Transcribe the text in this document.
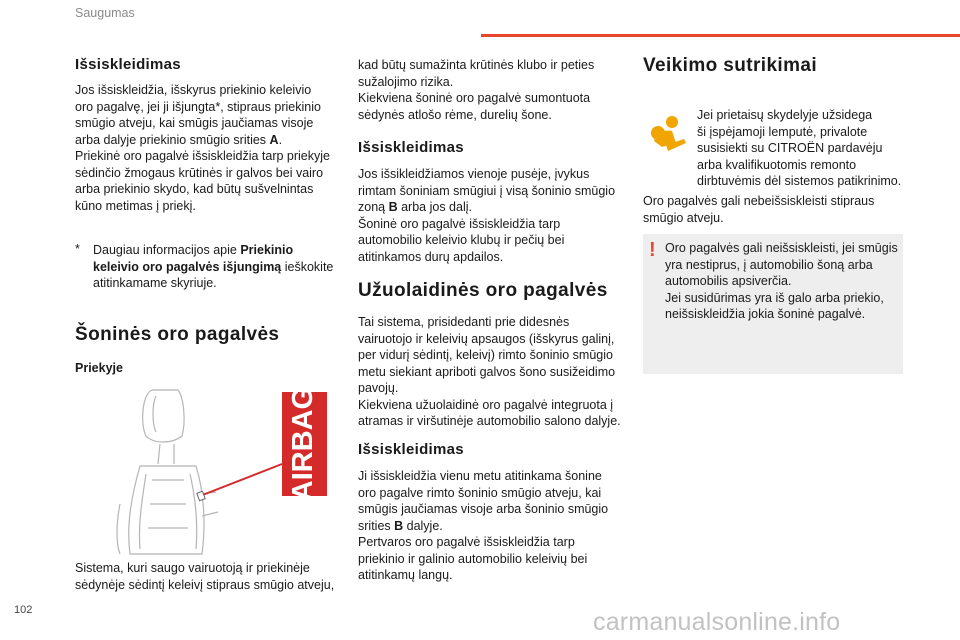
Saugumas
Išsiskleidimas

Jos išsiskleidžia, išskyrus priekinio keleivio
oro pagalvę, jei ji išjungta*, stipraus priekinio
smūgio atveju, kai smūgis jaučiamas visoje
arba dalyje priekinio smūgio srities A.
Priekinė oro pagalvė išsiskleidžia tarp priekyje
sėdinčio žmogaus krūtinės ir galvos bei vairo
arba priekinio skydo, kad būtų sušvelnintas
kūno metimas į priekį.

* Daugiau informacijos apie Priekinio keleivio oro pagalvės išjungimą ieškokite atitinkamame skyriuje.
Šoninės oro pagalvės
Priekyje
AIRBAG

Sistema, kuri saugo vairuotoją ir priekinėje
sėdynėje sėdintį keleivį stipraus smūgio atveju,

kad būtų sumažinta krūtinės klubo ir peties
sužalojimo rizika.
Kiekviena šoninė oro pagalvė sumontuota
sėdynės atlošo rėme, durelių šone.

Išsiskleidimas

Jos išsikleidžiamos vienoje pusėje, įvykus
rimtam šoniniam smūgiui į visą šoninio smūgio
zoną B arba jos dalį.
Šoninė oro pagalvė išsiskleidžia tarp
automobilio keleivio klubų ir pečių bei
atitinkamos durų apdailos.

Užuolaidinės oro pagalvės

Tai sistema, prisidedanti prie didesnės
vairuotojo ir keleivių apsaugos (išskyrus galinį,
per vidurį sėdintį, keleivį) rimto šoninio smūgio
metu siekiant apriboti galvos šono susižeidimo
pavojų.
Kiekviena užuolaidinė oro pagalvė integruota į
atramas ir viršutinėje automobilio salono dalyje.

Išsiskleidimas

Ji išsiskleidžia vienu metu atitinkama šonine
oro pagalve rimto šoninio smūgio atveju, kai
smūgis jaučiamas visoje arba šoninio smūgio
srities B dalyje.
Pertvaros oro pagalvė išsiskleidžia tarp
priekinio ir galinio automobilio keleivių bei
atitinkamų langų.

Veikimo sutrikimai

Jei prietaisų skydelyje užsidega
ši įspėjamoji lemputė, privalote
susisiekti su CITROËN pardavėju
arba kvalifikuotomis remonto
dirbtuvėmis dėl sistemos patikrinimo.

Oro pagalvės gali nebeišsiskleisti stipraus
smūgio atveju.

! Oro pagalvės gali neišsiskleisti, jei smūgis
yra nestiprus, į automobilio šoną arba
automobilis apsiverčia.
Jei susidūrimas yra iš galo arba priekio,
neišsiskleidžia jokia šoninė pagalvė.

102	carmanualsonline.info
